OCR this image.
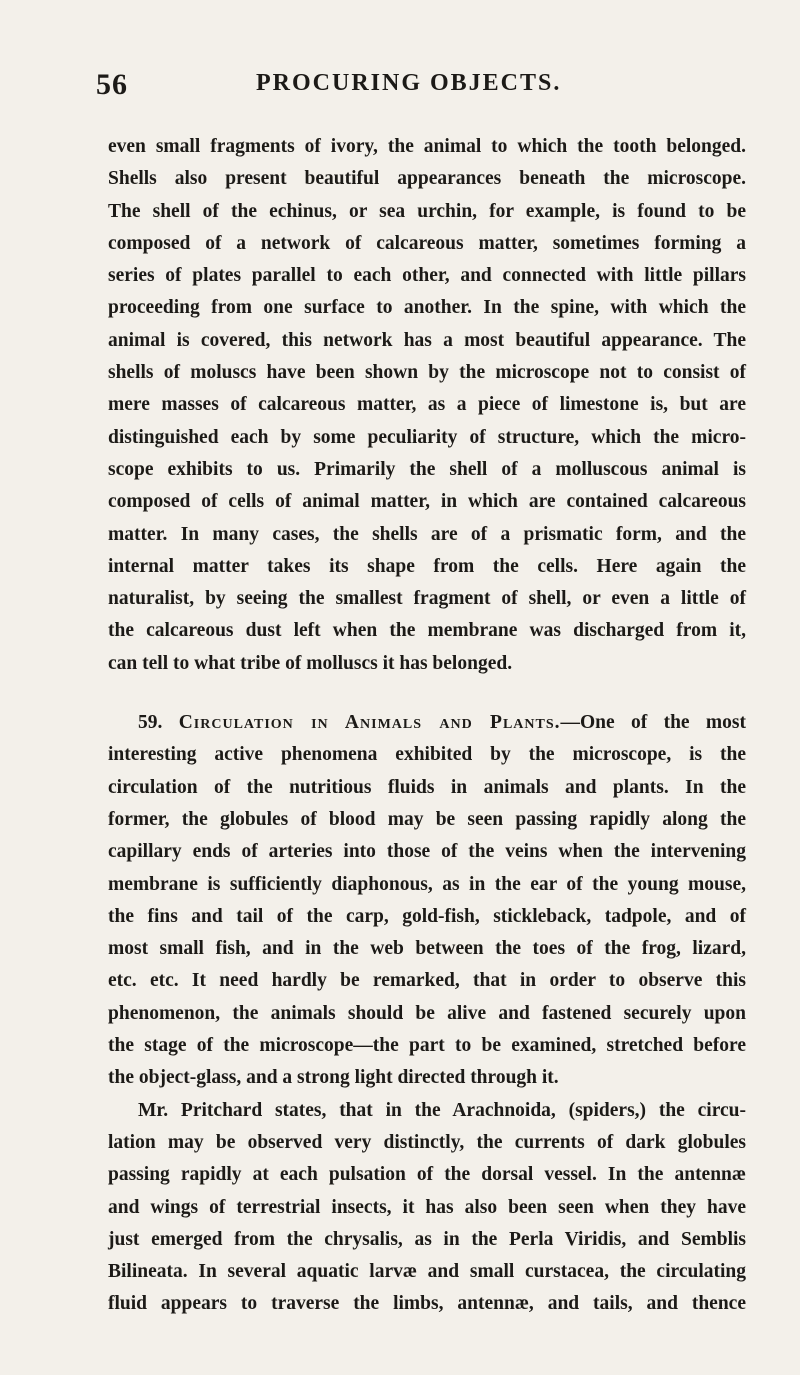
56	PROCURING OBJECTS.
even small fragments of ivory, the animal to which the tooth belonged.
Shells also present beautiful appearances beneath the microscope.
The shell of the echinus, or sea urchin, for example, is found to be
composed of a network of calcareous matter, sometimes forming a
series of plates parallel to each other, and connected with little pillars
proceeding from one surface to another. In the spine, with which the
animal is covered, this network has a most beautiful appearance. The
shells of moluscs have been shown by the microscope not to consist of
mere masses of calcareous matter, as a piece of limestone is, but are
distinguished each by some peculiarity of structure, which the micro-
scope exhibits to us. Primarily the shell of a molluscous animal is
composed of cells of animal matter, in which are contained calcareous
matter. In many cases, the shells are of a prismatic form, and the
internal matter takes its shape from the cells. Here again the
naturalist, by seeing the smallest fragment of shell, or even a little of
the calcareous dust left when the membrane was discharged from it,
can tell to what tribe of molluscs it has belonged.
59. Circulation in Animals and Plants.—One of the most
interesting active phenomena exhibited by the microscope, is the
circulation of the nutritious fluids in animals and plants. In the
former, the globules of blood may be seen passing rapidly along the
capillary ends of arteries into those of the veins when the intervening
membrane is sufficiently diaphonous, as in the ear of the young mouse,
the fins and tail of the carp, gold-fish, stickleback, tadpole, and of
most small fish, and in the web between the toes of the frog, lizard,
etc. etc. It need hardly be remarked, that in order to observe this
phenomenon, the animals should be alive and fastened securely upon
the stage of the microscope—the part to be examined, stretched before
the object-glass, and a strong light directed through it.
Mr. Pritchard states, that in the Arachnoida, (spiders,) the circu-
lation may be observed very distinctly, the currents of dark globules
passing rapidly at each pulsation of the dorsal vessel. In the antennæ
and wings of terrestrial insects, it has also been seen when they have
just emerged from the chrysalis, as in the Perla Viridis, and Semblis
Bilineata. In several aquatic larvæ and small curstacea, the circulating
fluid appears to traverse the limbs, antennæ, and tails, and thence
